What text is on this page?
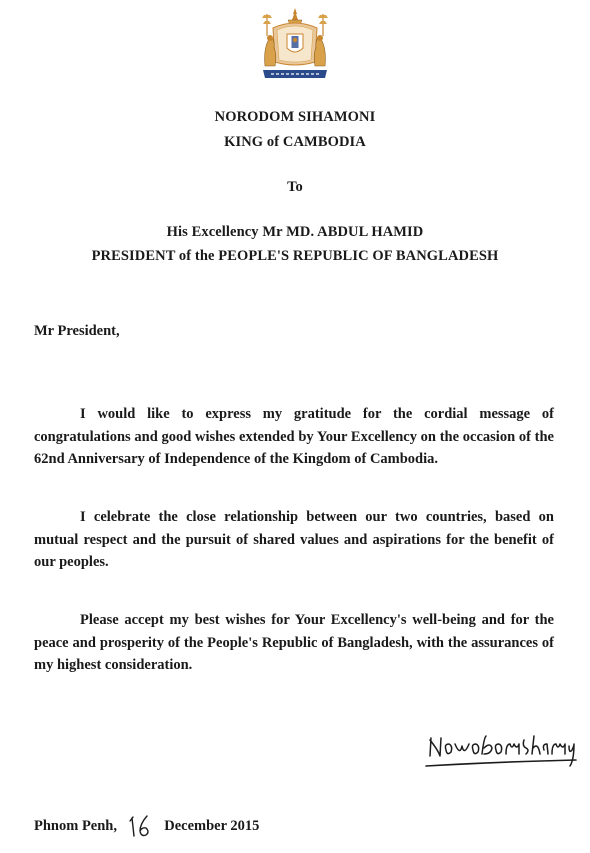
NORODOM SIHAMONI
KING of CAMBODIA
To
His Excellency Mr MD. ABDUL HAMID
PRESIDENT of the PEOPLE'S REPUBLIC OF BANGLADESH
Mr President,

I would like to express my gratitude for the cordial message of congratulations and good wishes extended by Your Excellency on the occasion of the 62nd Anniversary of Independence of the Kingdom of Cambodia.

I celebrate the close relationship between our two countries, based on mutual respect and the pursuit of shared values and aspirations for the benefit of our peoples.

Please accept my best wishes for Your Excellency's well-being and for the peace and prosperity of the People's Republic of Bangladesh, with the assurances of my highest consideration.

Phnom Penh,	December 2015
